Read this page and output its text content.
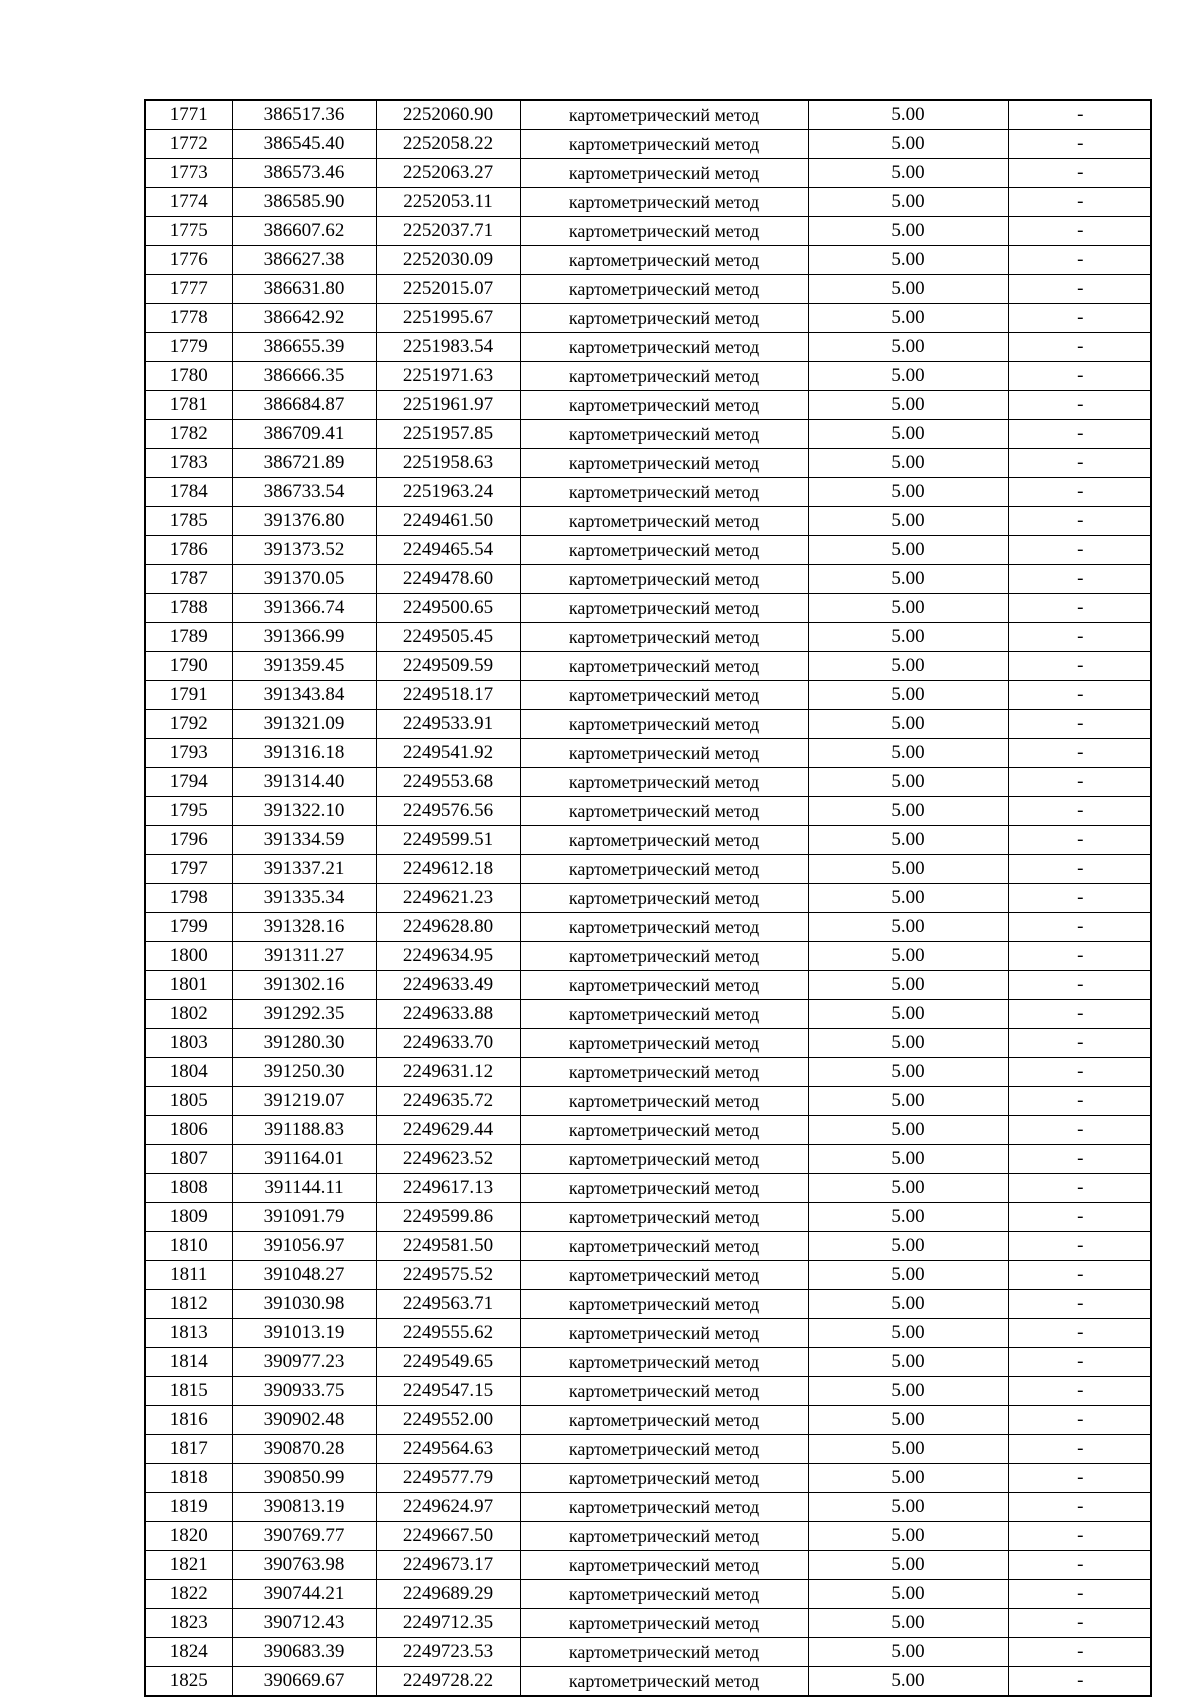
1771	386517.36	2252060.90	картометрический метод	5.00	-
1772	386545.40	2252058.22	картометрический метод	5.00	-
1773	386573.46	2252063.27	картометрический метод	5.00	-
1774	386585.90	2252053.11	картометрический метод	5.00	-
1775	386607.62	2252037.71	картометрический метод	5.00	-
1776	386627.38	2252030.09	картометрический метод	5.00	-
1777	386631.80	2252015.07	картометрический метод	5.00	-
1778	386642.92	2251995.67	картометрический метод	5.00	-
1779	386655.39	2251983.54	картометрический метод	5.00	-
1780	386666.35	2251971.63	картометрический метод	5.00	-
1781	386684.87	2251961.97	картометрический метод	5.00	-
1782	386709.41	2251957.85	картометрический метод	5.00	-
1783	386721.89	2251958.63	картометрический метод	5.00	-
1784	386733.54	2251963.24	картометрический метод	5.00	-
1785	391376.80	2249461.50	картометрический метод	5.00	-
1786	391373.52	2249465.54	картометрический метод	5.00	-
1787	391370.05	2249478.60	картометрический метод	5.00	-
1788	391366.74	2249500.65	картометрический метод	5.00	-
1789	391366.99	2249505.45	картометрический метод	5.00	-
1790	391359.45	2249509.59	картометрический метод	5.00	-
1791	391343.84	2249518.17	картометрический метод	5.00	-
1792	391321.09	2249533.91	картометрический метод	5.00	-
1793	391316.18	2249541.92	картометрический метод	5.00	-
1794	391314.40	2249553.68	картометрический метод	5.00	-
1795	391322.10	2249576.56	картометрический метод	5.00	-
1796	391334.59	2249599.51	картометрический метод	5.00	-
1797	391337.21	2249612.18	картометрический метод	5.00	-
1798	391335.34	2249621.23	картометрический метод	5.00	-
1799	391328.16	2249628.80	картометрический метод	5.00	-
1800	391311.27	2249634.95	картометрический метод	5.00	-
1801	391302.16	2249633.49	картометрический метод	5.00	-
1802	391292.35	2249633.88	картометрический метод	5.00	-
1803	391280.30	2249633.70	картометрический метод	5.00	-
1804	391250.30	2249631.12	картометрический метод	5.00	-
1805	391219.07	2249635.72	картометрический метод	5.00	-
1806	391188.83	2249629.44	картометрический метод	5.00	-
1807	391164.01	2249623.52	картометрический метод	5.00	-
1808	391144.11	2249617.13	картометрический метод	5.00	-
1809	391091.79	2249599.86	картометрический метод	5.00	-
1810	391056.97	2249581.50	картометрический метод	5.00	-
1811	391048.27	2249575.52	картометрический метод	5.00	-
1812	391030.98	2249563.71	картометрический метод	5.00	-
1813	391013.19	2249555.62	картометрический метод	5.00	-
1814	390977.23	2249549.65	картометрический метод	5.00	-
1815	390933.75	2249547.15	картометрический метод	5.00	-
1816	390902.48	2249552.00	картометрический метод	5.00	-
1817	390870.28	2249564.63	картометрический метод	5.00	-
1818	390850.99	2249577.79	картометрический метод	5.00	-
1819	390813.19	2249624.97	картометрический метод	5.00	-
1820	390769.77	2249667.50	картометрический метод	5.00	-
1821	390763.98	2249673.17	картометрический метод	5.00	-
1822	390744.21	2249689.29	картометрический метод	5.00	-
1823	390712.43	2249712.35	картометрический метод	5.00	-
1824	390683.39	2249723.53	картометрический метод	5.00	-
1825	390669.67	2249728.22	картометрический метод	5.00	-
